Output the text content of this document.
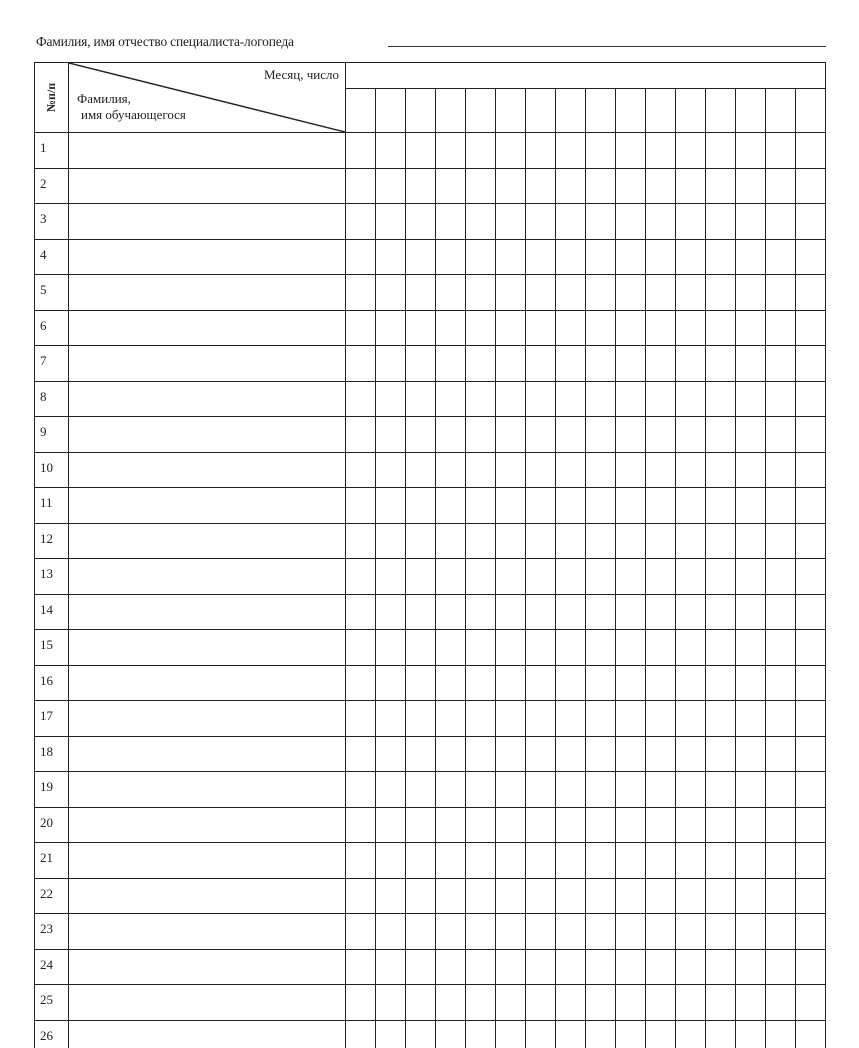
Фамилия, имя отчество специалиста-логопеда
№п/п
Месяц, число
Фамилия,
имя обучающегося
1
2
3
4
5
6
7
8
9
10
11
12
13
14
15
16
17
18
19
20
21
22
23
24
25
26
